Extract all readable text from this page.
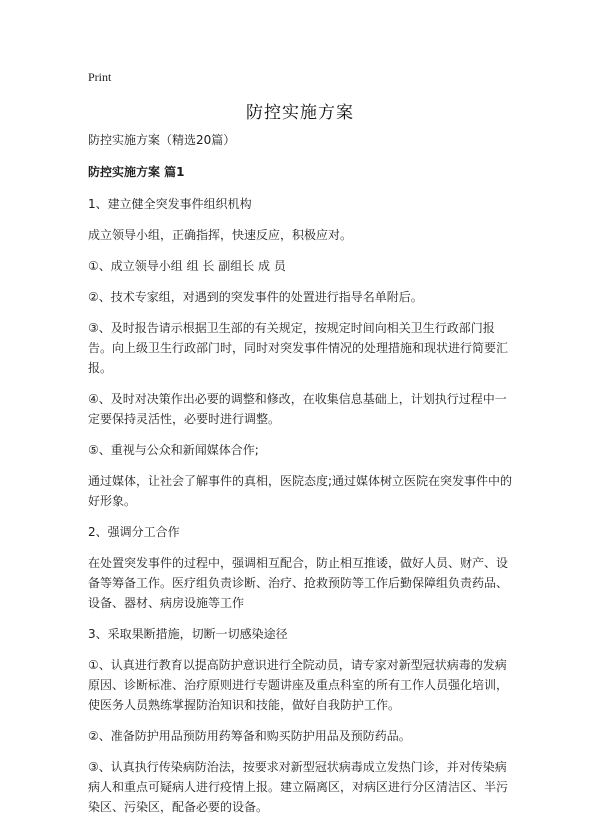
Print
防控实施方案

防控实施方案（精选20篇）

防控实施方案 篇1

1、建立健全突发事件组织机构

成立领导小组，正确指挥，快速反应，积极应对。

①、成立领导小组 组 长 副组长 成 员

②、技术专家组，对遇到的突发事件的处置进行指导名单附后。

③、及时报告请示根据卫生部的有关规定，按规定时间向相关卫生行政部门报告。向上级卫生行政部门时，同时对突发事件情况的处理措施和现状进行简要汇报。

④、及时对决策作出必要的调整和修改，在收集信息基础上，计划执行过程中一定要保持灵活性，必要时进行调整。

⑤、重视与公众和新闻媒体合作;

通过媒体，让社会了解事件的真相，医院态度;通过媒体树立医院在突发事件中的好形象。

2、强调分工合作

在处置突发事件的过程中，强调相互配合，防止相互推诿，做好人员、财产、设备等筹备工作。医疗组负责诊断、治疗、抢救预防等工作后勤保障组负责药品、设备、器材、病房设施等工作

3、采取果断措施，切断一切感染途径

①、认真进行教育以提高防护意识进行全院动员，请专家对新型冠状病毒的发病原因、诊断标准、治疗原则进行专题讲座及重点科室的所有工作人员强化培训，使医务人员熟练掌握防治知识和技能，做好自我防护工作。

②、准备防护用品预防用药筹备和购买防护用品及预防药品。

③、认真执行传染病防治法，按要求对新型冠状病毒成立发热门诊，并对传染病病人和重点可疑病人进行疫情上报。建立隔离区，对病区进行分区清洁区、半污染区、污染区，配备必要的设备。
